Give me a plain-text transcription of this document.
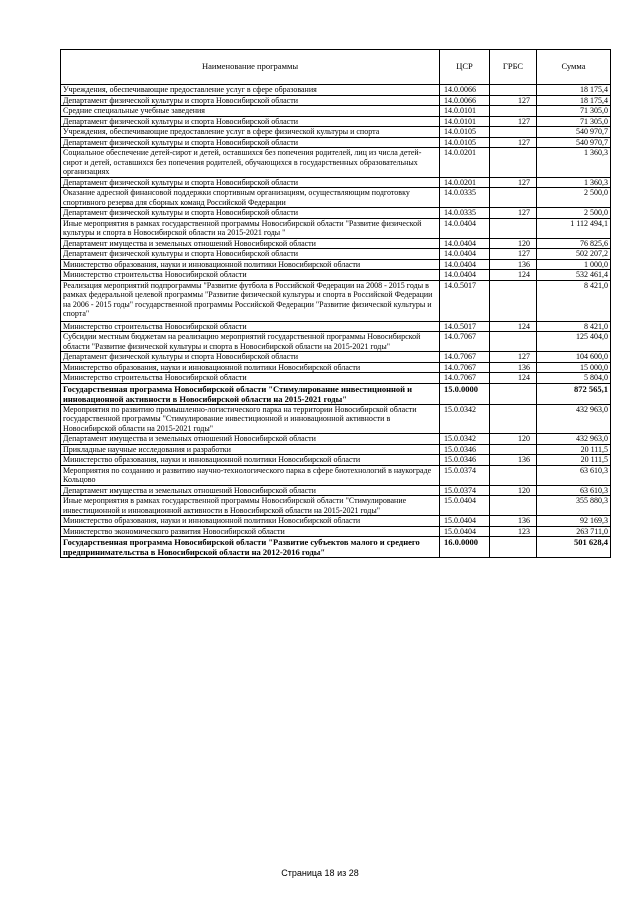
Наименование программы	ЦСР	ГРБС	Сумма
Учреждения, обеспечивающие предоставление услуг в сфере образования	14.0.0066		18 175,4
Департамент физической культуры и спорта Новосибирской области	14.0.0066	127	18 175,4
Средние специальные учебные заведения	14.0.0101		71 305,0
Департамент физической культуры и спорта Новосибирской области	14.0.0101	127	71 305,0
Учреждения, обеспечивающие предоставление услуг в сфере физической культуры и спорта	14.0.0105		540 970,7
Департамент физической культуры и спорта Новосибирской области	14.0.0105	127	540 970,7
Социальное обеспечение детей-сирот и детей, оставшихся без попечения родителей, лиц из числа детей-сирот и детей, оставшихся без попечения родителей, обучающихся в государственных образовательных организациях	14.0.0201		1 360,3
Департамент физической культуры и спорта Новосибирской области	14.0.0201	127	1 360,3
Оказание адресной финансовой поддержки спортивным организациям, осуществляющим подготовку спортивного резерва для сборных команд Российской Федерации	14.0.0335		2 500,0
Департамент физической культуры и спорта Новосибирской области	14.0.0335	127	2 500,0
Иные мероприятия в рамках государственной программы Новосибирской области "Развитие физической культуры и спорта в Новосибирской области на 2015-2021 годы "	14.0.0404		1 112 494,1
Департамент имущества и земельных отношений Новосибирской области	14.0.0404	120	76 825,6
Департамент физической культуры и спорта Новосибирской области	14.0.0404	127	502 207,2
Министерство образования, науки и инновационной политики Новосибирской области	14.0.0404	136	1 000,0
Министерство строительства Новосибирской области	14.0.0404	124	532 461,4
Реализация мероприятий подпрограммы "Развитие футбола в Российской Федерации на 2008 - 2015 годы в рамках федеральной целевой программы "Развитие физической культуры и спорта в Российской Федерации на 2006 - 2015 годы" государственной программы Российской Федерации "Развитие физической культуры и спорта"	14.0.5017		8 421,0
Министерство строительства Новосибирской области	14.0.5017	124	8 421,0
Субсидии местным бюджетам на реализацию мероприятий государственной программы Новосибирской области "Развитие физической культуры и спорта в Новосибирской области на 2015-2021 годы"	14.0.7067		125 404,0
Департамент физической культуры и спорта Новосибирской области	14.0.7067	127	104 600,0
Министерство образования, науки и инновационной политики Новосибирской области	14.0.7067	136	15 000,0
Министерство строительства Новосибирской области	14.0.7067	124	5 804,0
Государственная программа Новосибирской области "Стимулирование инвестиционной и инновационной активности в Новосибирской области на 2015-2021 годы"	15.0.0000		872 565,1
Мероприятия по развитию промышленно-логистического парка на территории Новосибирской области государственной программы "Стимулирование инвестиционной и инновационной активности в Новосибирской области на 2015-2021 годы"	15.0.0342		432 963,0
Департамент имущества и земельных отношений Новосибирской области	15.0.0342	120	432 963,0
Прикладные научные исследования и разработки	15.0.0346		20 111,5
Министерство образования, науки и инновационной политики Новосибирской области	15.0.0346	136	20 111,5
Мероприятия по созданию и развитию научно-технологического парка в сфере биотехнологий в наукограде Кольцово	15.0.0374		63 610,3
Департамент имущества и земельных отношений Новосибирской области	15.0.0374	120	63 610,3
Иные мероприятия в рамках государственной программы Новосибирской области "Стимулирование инвестиционной и инновационной активности в Новосибирской области на 2015-2021 годы"	15.0.0404		355 880,3
Министерство образования, науки и инновационной политики Новосибирской области	15.0.0404	136	92 169,3
Министерство экономического развития Новосибирской области	15.0.0404	123	263 711,0
Государственная программа Новосибирской области "Развитие субъектов малого и среднего предпринимательства в Новосибирской области на 2012-2016 годы"	16.0.0000		501 628,4
Страница 18 из 28
